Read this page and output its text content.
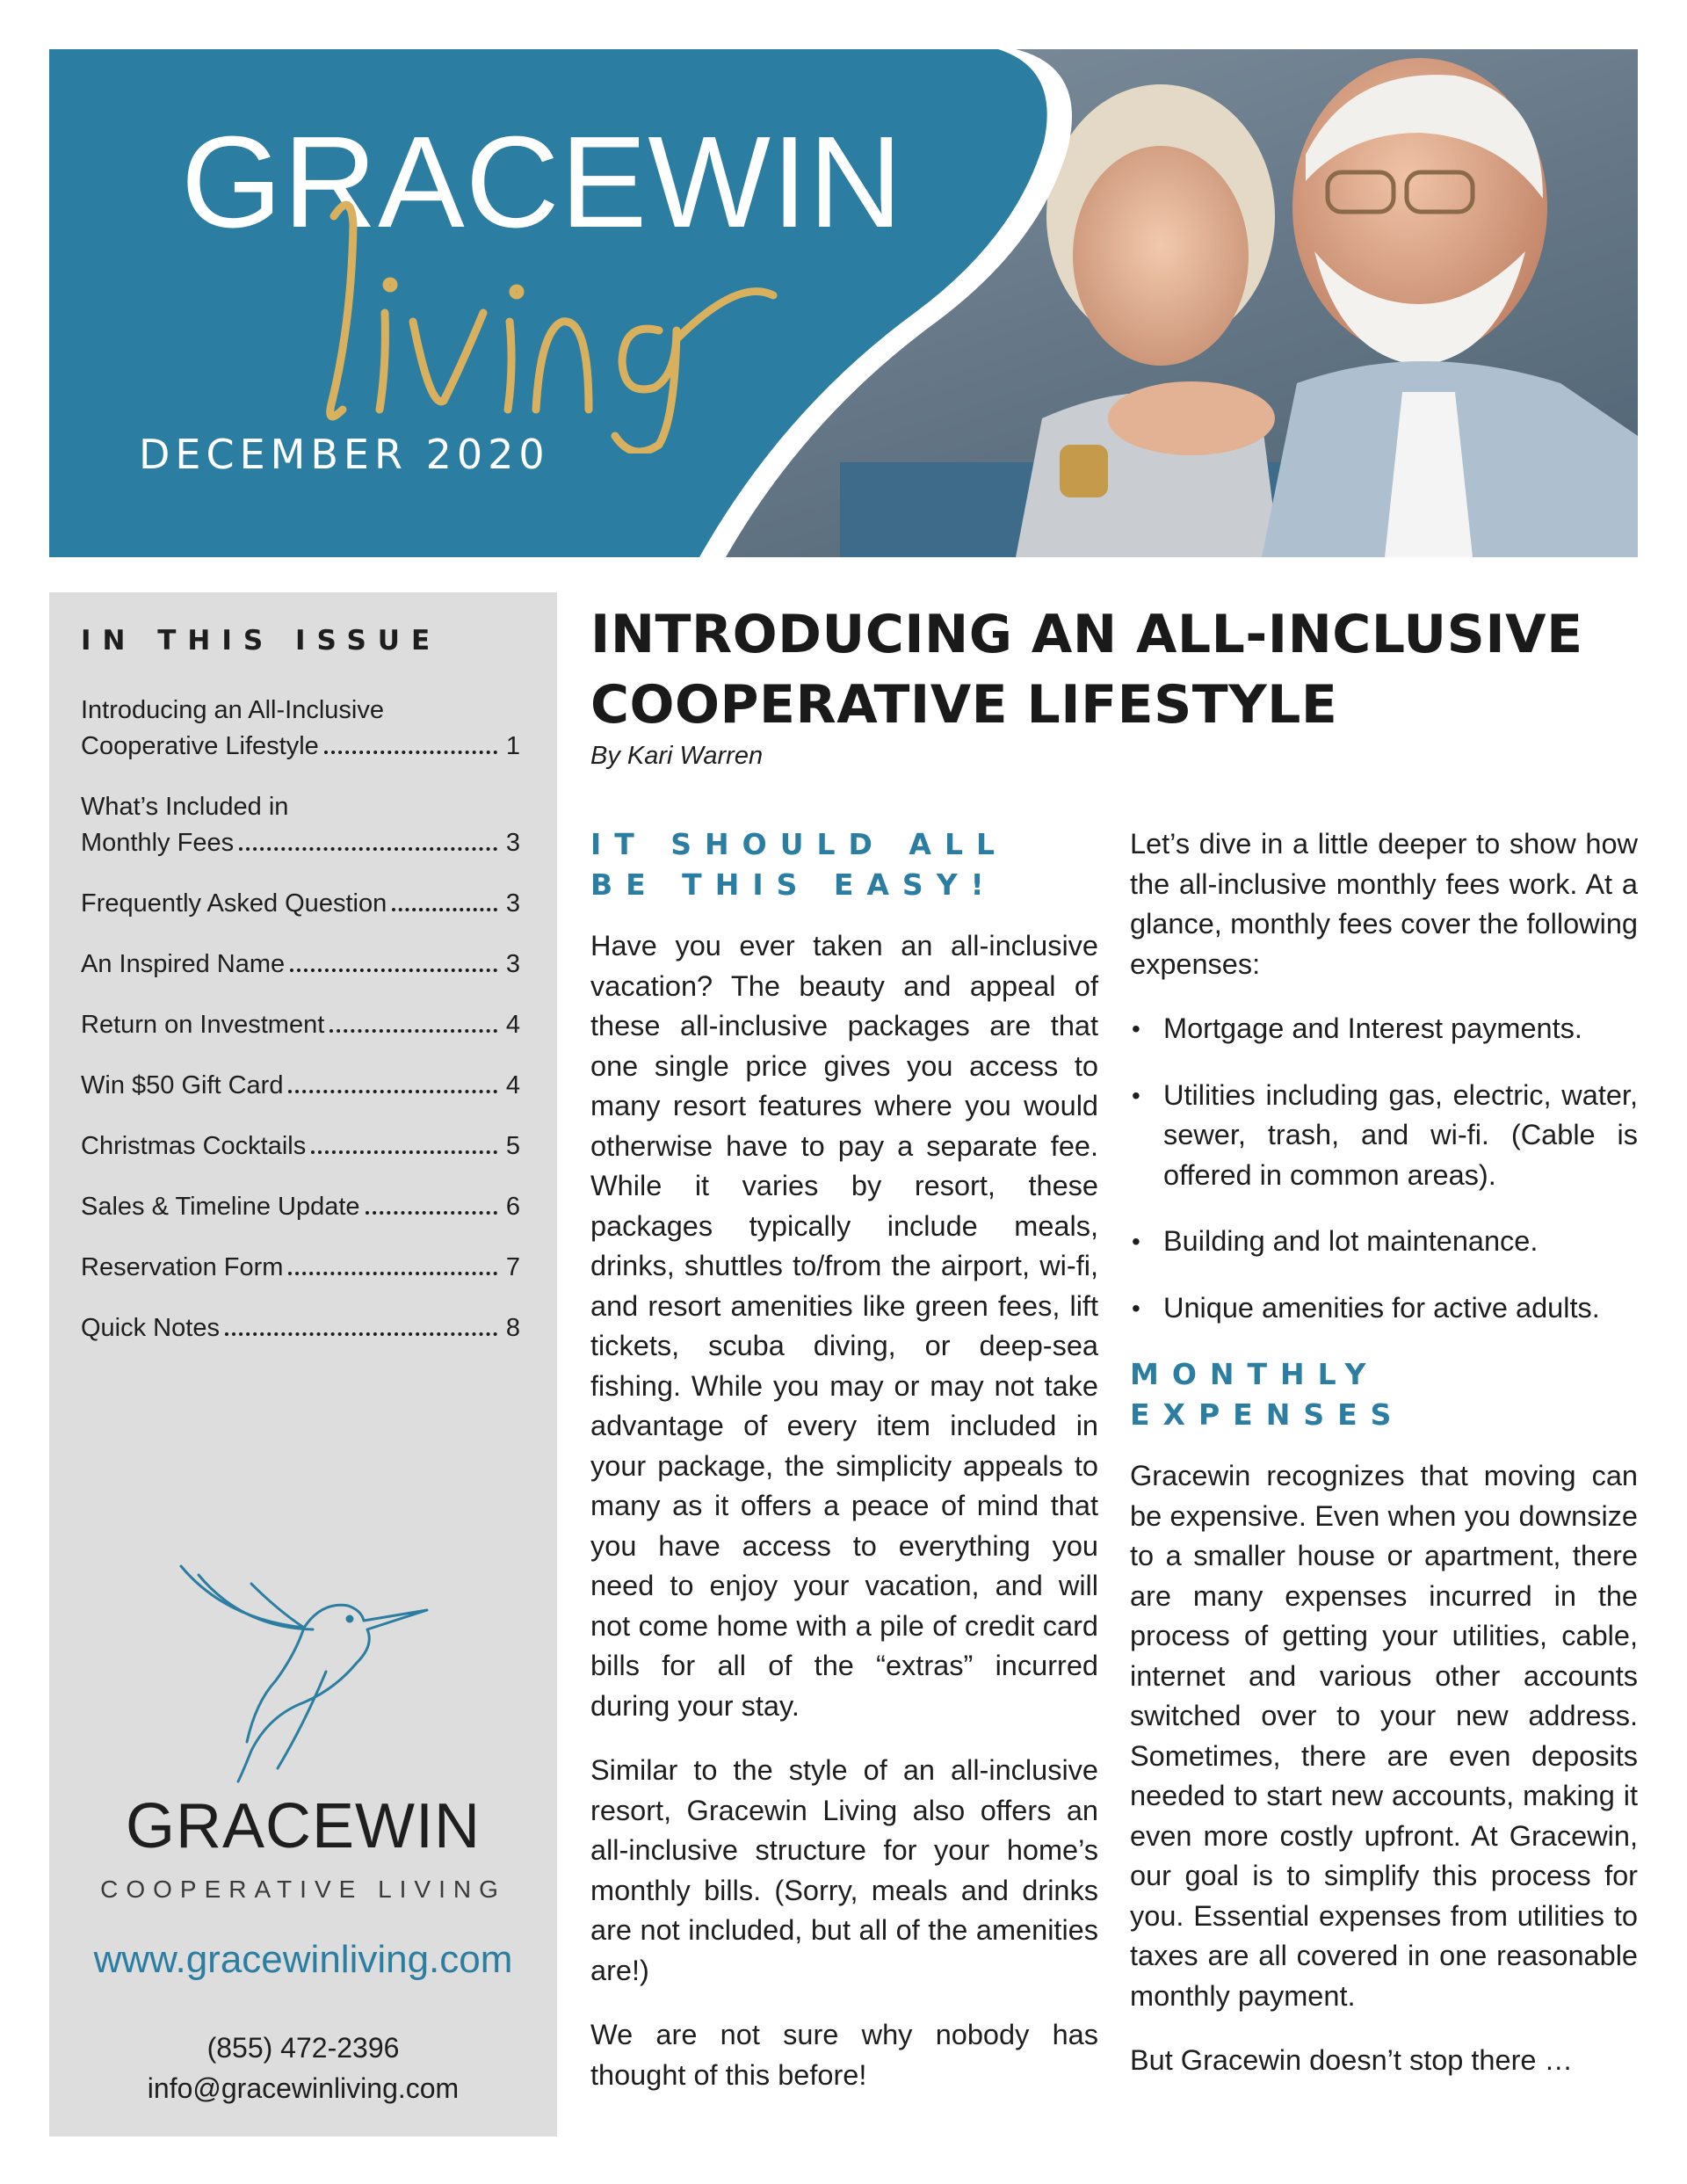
GRACEWIN
DECEMBER 2020
IN THIS ISSUE
Introducing an All-Inclusive
Cooperative Lifestyle	1
What’s Included in
Monthly Fees	3
Frequently Asked Question	3
An Inspired Name	3
Return on Investment	4
Win $50 Gift Card	4
Christmas Cocktails	5
Sales & Timeline Update	6
Reservation Form	7
Quick Notes	8
GRACEWIN
COOPERATIVE LIVING
www.gracewinliving.com
(855) 472-2396
info@gracewinliving.com
INTRODUCING AN ALL-INCLUSIVE
COOPERATIVE LIFESTYLE
By Kari Warren
IT SHOULD ALL BE THIS EASY!

Have you ever taken an all-inclusive vacation? The beauty and appeal of these all-inclusive packages are that one single price gives you access to many resort features where you would otherwise have to pay a separate fee. While it varies by resort, these packages typically include meals, drinks, shuttles to/from the airport, wi-fi, and resort amenities like green fees, lift tickets, scuba diving, or deep-sea fishing. While you may or may not take advantage of every item included in your package, the simplicity appeals to many as it offers a peace of mind that you have access to everything you need to enjoy your vacation, and will not come home with a pile of credit card bills for all of the “extras” incurred during your stay.

Similar to the style of an all-inclusive resort, Gracewin Living also offers an all-inclusive structure for your home’s monthly bills. (Sorry, meals and drinks are not included, but all of the amenities are!)

We are not sure why nobody has thought of this before!

Let’s dive in a little deeper to show how the all-inclusive monthly fees work. At a glance, monthly fees cover the following expenses:

• Mortgage and Interest payments.
• Utilities including gas, electric, water, sewer, trash, and wi-fi. (Cable is offered in common areas).
• Building and lot maintenance.
• Unique amenities for active adults.
MONTHLY EXPENSES

Gracewin recognizes that moving can be expensive. Even when you downsize to a smaller house or apartment, there are many expenses incurred in the process of getting your utilities, cable, internet and various other accounts switched over to your new address. Sometimes, there are even deposits needed to start new accounts, making it even more costly upfront. At Gracewin, our goal is to simplify this process for you. Essential expenses from utilities to taxes are all covered in one reasonable monthly payment.

But Gracewin doesn’t stop there …
